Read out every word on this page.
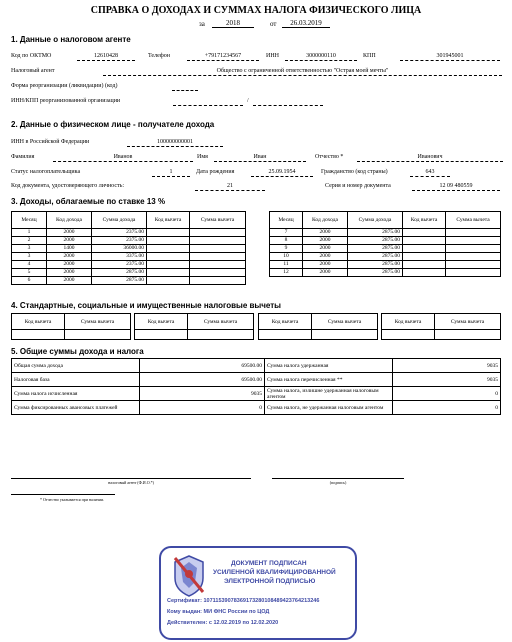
СПРАВКА О ДОХОДАХ И СУММАХ НАЛОГА ФИЗИЧЕСКОГО ЛИЦА
за	2018	от	26.03.2019
1. Данные о налоговом агенте
Код по ОКТМО	12610428	Телефон	+79171234567	ИНН	3000000110	КПП	301945001
Налоговый агент	Общество с ограниченной ответственностью "Острая моей мечты"
Форма реорганизации (ликвидации) (код)
ИНН/КПП реорганизованной организации	/
2. Данные о физическом лице - получателе дохода
ИНН в Российской Федерации	100000000001
Фамилия	Иванов	Имя	Иван	Отчество *	Иванович
Статус налогоплательщика	1	Дата рождения	25.09.1954	Гражданство (код страны)	643
Код документа, удостоверяющего личность:	21	Серия и номер документа	12 09 480559
3. Доходы, облагаемые по ставке 13 %
Месяц	Код дохода	Сумма дохода	Код вычета	Сумма вычета
1	2000	2375.00		
2	2000	2375.00		
3	1400	36000.00		
3	2000	3375.00		
4	2000	2375.00		
5	2000	2875.00		
6	2000	2875.00		
Месяц	Код дохода	Сумма дохода	Код вычета	Сумма вычета
7	2000	2875.00		
8	2000	2875.00		
9	2000	2875.00		
10	2000	2875.00		
11	2000	2875.00		
12	2000	2875.00		
4. Стандартные, социальные и имущественные налоговые вычеты
Код вычета	Сумма вычета
		Код вычета	Сумма вычета
		Код вычета	Сумма вычета
		Код вычета	Сумма вычета

5. Общие суммы дохода и налога
Общая сумма дохода	69500.00	Сумма налога удержанная	9035
Налоговая база	69500.00	Сумма налога перечисленная **	9035
Сумма налога исчисленная	9035	Сумма налога, излишне удержанная налоговым агентом	0
Сумма фиксированных авансовых платежей	0	Сумма налога, не удержанная налоговым агентом	0
налоговый агент (Ф.И.О.*)	(подпись)
* Отчество указывается при наличии.
ДОКУМЕНТ ПОДПИСАН
УСИЛЕННОЙ КВАЛИФИЦИРОВАННОЙ
ЭЛЕКТРОННОЙ ПОДПИСЬЮ
Сертификат: 10711539078369173280108489423764213246
Кому выдан: МИ ФНС России по ЦОД
Действителен: с 12.02.2019 по 12.02.2020
